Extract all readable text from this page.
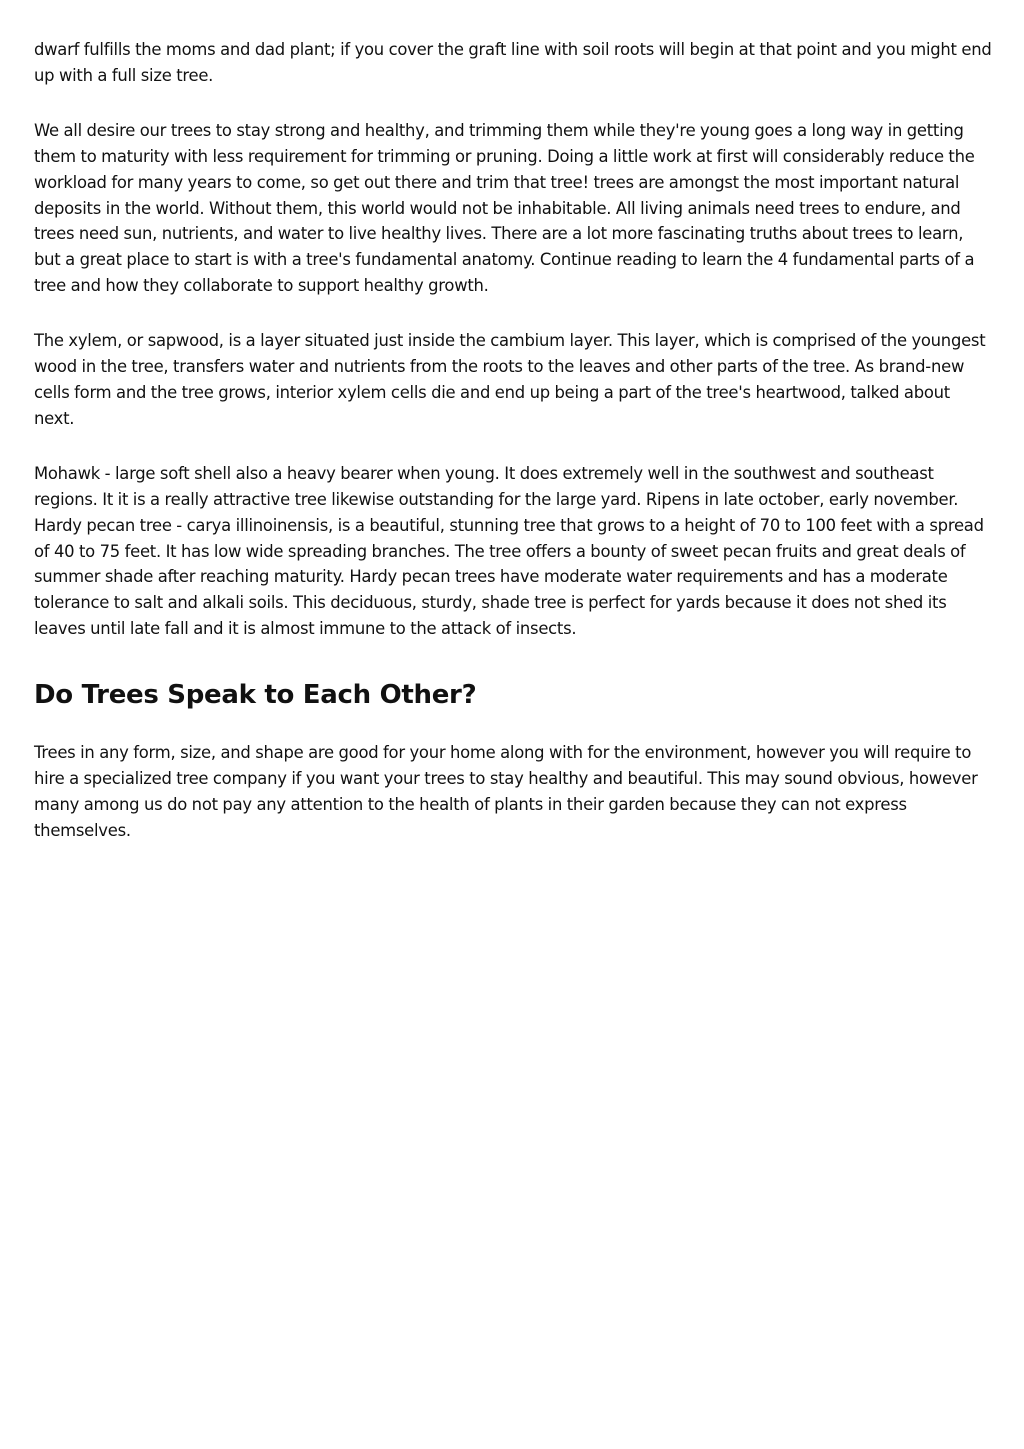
dwarf fulfills the moms and dad plant; if you cover the graft line with soil roots will begin at that point and you might end up with a full size tree.

We all desire our trees to stay strong and healthy, and trimming them while they're young goes a long way in getting them to maturity with less requirement for trimming or pruning. Doing a little work at first will considerably reduce the workload for many years to come, so get out there and trim that tree! trees are amongst the most important natural deposits in the world. Without them, this world would not be inhabitable. All living animals need trees to endure, and trees need sun, nutrients, and water to live healthy lives. There are a lot more fascinating truths about trees to learn, but a great place to start is with a tree's fundamental anatomy. Continue reading to learn the 4 fundamental parts of a tree and how they collaborate to support healthy growth.

The xylem, or sapwood, is a layer situated just inside the cambium layer. This layer, which is comprised of the youngest wood in the tree, transfers water and nutrients from the roots to the leaves and other parts of the tree. As brand-new cells form and the tree grows, interior xylem cells die and end up being a part of the tree's heartwood, talked about next.

Mohawk - large soft shell also a heavy bearer when young. It does extremely well in the southwest and southeast regions. It it is a really attractive tree likewise outstanding for the large yard. Ripens in late october, early november. Hardy pecan tree - carya illinoinensis, is a beautiful, stunning tree that grows to a height of 70 to 100 feet with a spread of 40 to 75 feet. It has low wide spreading branches. The tree offers a bounty of sweet pecan fruits and great deals of summer shade after reaching maturity. Hardy pecan trees have moderate water requirements and has a moderate tolerance to salt and alkali soils. This deciduous, sturdy, shade tree is perfect for yards because it does not shed its leaves until late fall and it is almost immune to the attack of insects.

Do Trees Speak to Each Other?

Trees in any form, size, and shape are good for your home along with for the environment, however you will require to hire a specialized tree company if you want your trees to stay healthy and beautiful. This may sound obvious, however many among us do not pay any attention to the health of plants in their garden because they can not express themselves.
